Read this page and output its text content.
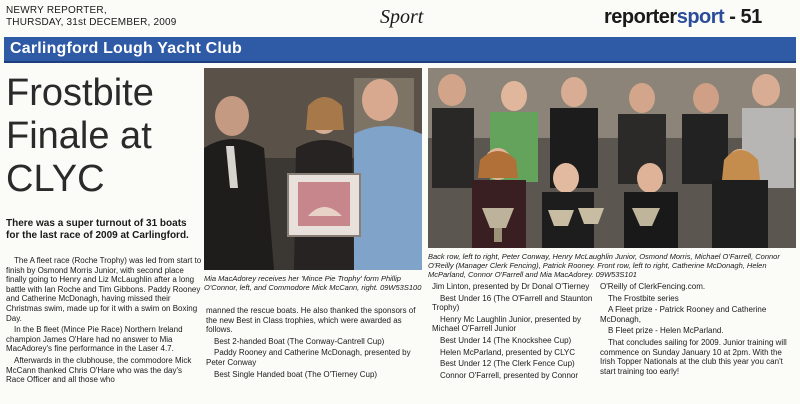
NEWRY REPORTER,
THURSDAY, 31st DECEMBER, 2009	Sport	reportersport - 51
Carlingford Lough Yacht Club
Frostbite
Finale at
CLYC
Mia MacAdorey receives her 'Mince Pie Trophy' form Phillip O'Connor, left, and Commodore Mick McCann, right. 09W53S100
Back row, left to right, Peter Conway, Henry McLaughlin Junior, Osmond Morris, Michael O'Farrell, Connor O'Reilly (Manager Clerk Fencing), Patrick Rooney. Front row, left to right, Catherine McDonagh, Helen McParland, Connor O'Farrell and Mia MacAdorey. 09W53S101
There was a super turnout of 31 boats for the last race of 2009 at Carlingford.

The A fleet race (Roche Trophy) was led from start to finish by Osmond Morris Junior, with second place finally going to Henry and Liz McLaughlin after a long battle with Ian Roche and Tim Gibbons. Paddy Rooney and Catherine McDonagh, having missed their Christmas swim, made up for it with a swim on Boxing Day.

In the B fleet (Mince Pie Race) Northern Ireland champion James O'Hare had no answer to Mia MacAdorey's fine performance in the Laser 4.7.

Afterwards in the clubhouse, the commodore Mick McCann thanked Chris O'Hare who was the day's Race Officer and all those who

manned the rescue boats. He also thanked the sponsors of the new Best in Class trophies, which were awarded as follows.

Best 2-handed Boat (The Conway-Cantrell Cup)

Paddy Rooney and Catherine McDonagh, presented by Peter Conway

Best Single Handed boat (The O'Tierney Cup)

Jim Linton, presented by Dr Donal O'Tierney

Best Under 16 (The O'Farrell and Staunton Trophy)

Henry Mc Laughlin Junior, presented by Michael O'Farrell Junior

Best Under 14 (The Knockshee Cup)

Helen McParland, presented by CLYC

Best Under 12 (The Clerk Fence Cup)

Connor O'Farrell, presented by Connor

O'Reilly of ClerkFencing.com.

The Frostbite series

A Fleet prize - Patrick Rooney and Catherine McDonagh,

B Fleet prize - Helen McParland.

That concludes sailing for 2009. Junior training will commence on Sunday January 10 at 2pm. With the Irish Topper Nationals at the club this year you can't start training too early!
